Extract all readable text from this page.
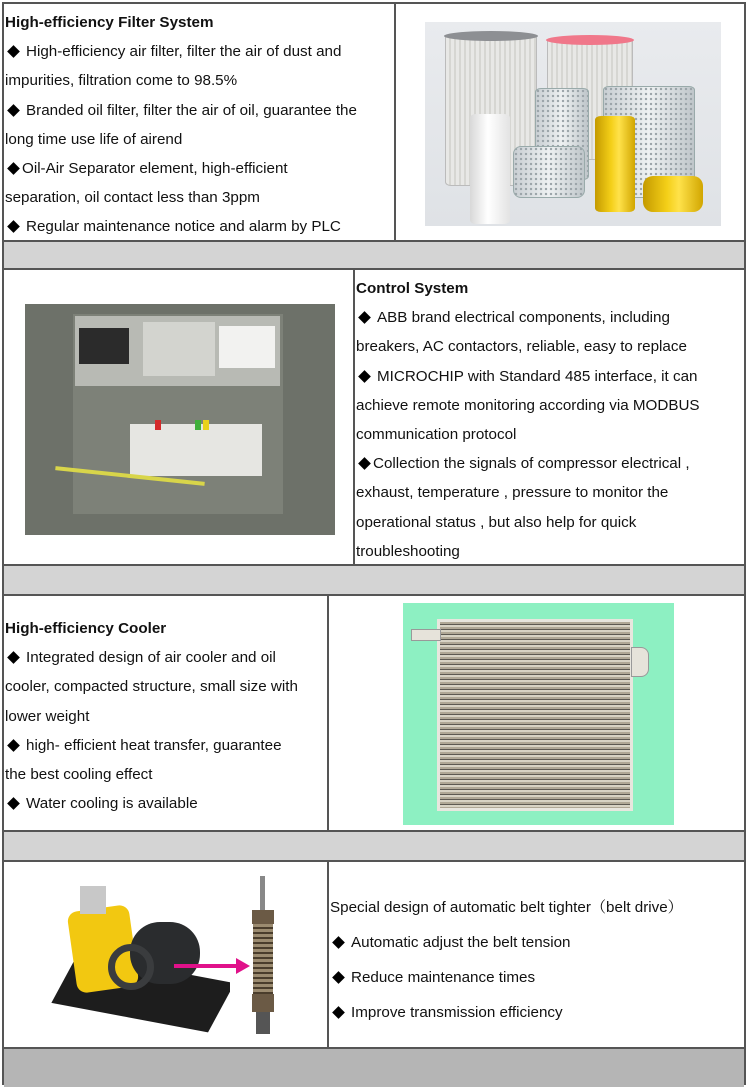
High-efficiency Filter System
High-efficiency air filter, filter the air of dust and
impurities, filtration come to 98.5%
Branded oil filter, filter the air of oil, guarantee the
long time use life of airend
Oil-Air Separator element, high-efficient
separation, oil contact less than 3ppm
Regular maintenance notice and alarm by PLC
Control System
ABB brand electrical components, including
breakers, AC contactors, reliable, easy to replace
MICROCHIP with Standard 485 interface, it can
achieve remote monitoring according via MODBUS
communication protocol
Collection the signals of compressor electrical ,
exhaust, temperature , pressure to monitor the
operational status , but also help for quick
troubleshooting
High-efficiency Cooler
Integrated design of air cooler and oil
cooler, compacted structure, small size with
lower weight
high- efficient heat transfer, guarantee
the best cooling effect
Water cooling is available
Special design of automatic belt tighter（belt drive）
Automatic adjust the belt tension
Reduce maintenance times
Improve transmission efficiency
